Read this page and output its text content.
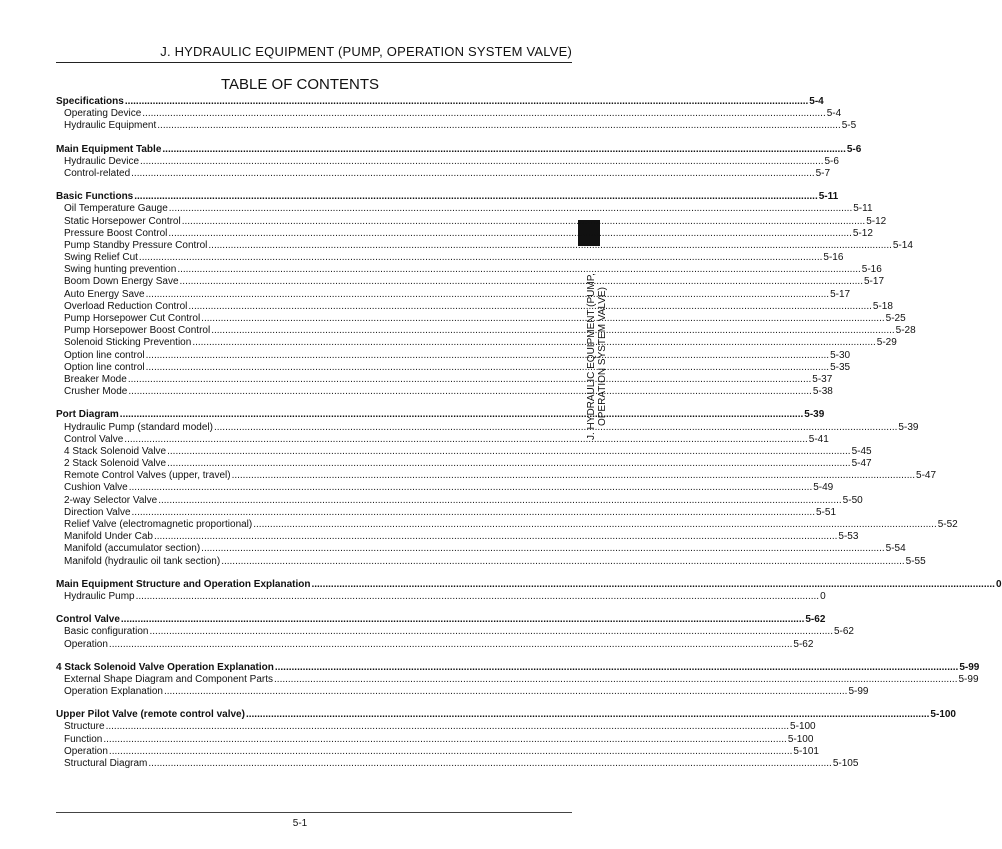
J. HYDRAULIC EQUIPMENT (PUMP, OPERATION SYSTEM VALVE)
TABLE OF CONTENTS
J. HYDRAULIC EQUIPMENT (PUMP, OPERATION SYSTEM VALVE)
Specifications .....	5-4
Operating Device .....	5-4
Hydraulic Equipment .....	5-5
Main Equipment Table .....	5-6
Hydraulic Device .....	5-6
Control-related .....	5-7
Basic Functions .....	5-11
Oil Temperature Gauge .....	5-11
Static Horsepower Control .....	5-12
Pressure Boost Control .....	5-12
Pump Standby Pressure Control .....	5-14
Swing Relief Cut .....	5-16
Swing hunting prevention .....	5-16
Boom Down Energy Save .....	5-17
Auto Energy Save .....	5-17
Overload Reduction Control .....	5-18
Pump Horsepower Cut Control .....	5-25
Pump Horsepower Boost Control .....	5-28
Solenoid Sticking Prevention .....	5-29
Option line control .....	5-30
Option line control .....	5-35
Breaker Mode .....	5-37
Crusher Mode .....	5-38
Port Diagram .....	5-39
Hydraulic Pump (standard model) .....	5-39
Control Valve .....	5-41
4 Stack Solenoid Valve .....	5-45
2 Stack Solenoid Valve .....	5-47
Remote Control Valves (upper, travel) .....	5-47
Cushion Valve .....	5-49
2-way Selector Valve .....	5-50
Direction Valve .....	5-51
Relief Valve (electromagnetic proportional) .....	5-52
Manifold Under Cab .....	5-53
Manifold (accumulator section) .....	5-54
Manifold (hydraulic oil tank section) .....	5-55
Main Equipment Structure and Operation Explanation .....	0
Hydraulic Pump .....	0
Control Valve .....	5-62
Basic configuration .....	5-62
Operation .....	5-62
4 Stack Solenoid Valve Operation Explanation .....	5-99
External Shape Diagram and Component Parts .....	5-99
Operation Explanation .....	5-99
Upper Pilot Valve (remote control valve) .....	5-100
Structure .....	5-100
Function .....	5-100
Operation .....	5-101
Structural Diagram .....	5-105
5-1
